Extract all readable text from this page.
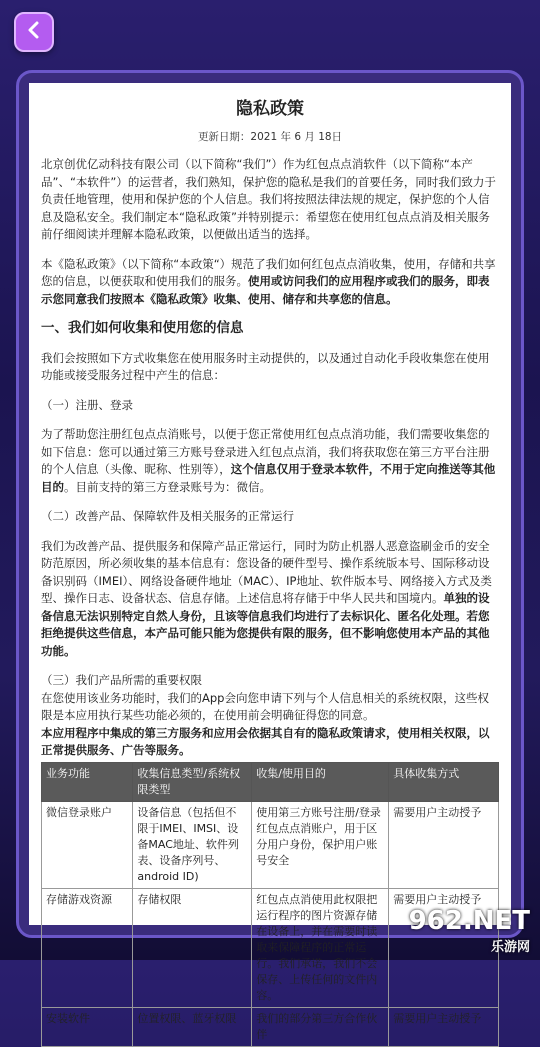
隐私政策
更新日期：2021 年 6 月 18日

北京创优亿动科技有限公司（以下简称“我们”）作为红包点点消软件（以下简称“本产品”、“本软件”）的运营者，我们熟知，保护您的隐私是我们的首要任务，同时我们致力于负责任地管理，使用和保护您的个人信息。我们将按照法律法规的规定，保护您的个人信息及隐私安全。我们制定本“隐私政策”并特别提示：希望您在使用红包点点消及相关服务前仔细阅读并理解本隐私政策，以便做出适当的选择。

本《隐私政策》（以下简称“本政策“）规范了我们如何红包点点消收集，使用，存储和共享您的信息，以便获取和使用我们的服务。使用或访问我们的应用程序或我们的服务，即表示您同意我们按照本《隐私政策》收集、使用、储存和共享您的信息。

一、我们如何收集和使用您的信息

我们会按照如下方式收集您在使用服务时主动提供的，以及通过自动化手段收集您在使用功能或接受服务过程中产生的信息：

（一）注册、登录

为了帮助您注册红包点点消账号，以便于您正常使用红包点点消功能，我们需要收集您的如下信息：您可以通过第三方账号登录进入红包点点消，我们将获取您在第三方平台注册的个人信息（头像、昵称、性别等），这个信息仅用于登录本软件，不用于定向推送等其他目的。目前支持的第三方登录账号为：微信。

（二）改善产品、保障软件及相关服务的正常运行

我们为改善产品、提供服务和保障产品正常运行，同时为防止机器人恶意盗刷金币的安全防范原因，所必须收集的基本信息有：您设备的硬件型号、操作系统版本号、国际移动设备识别码（IMEI）、网络设备硬件地址（MAC）、IP地址、软件版本号、网络接入方式及类型、操作日志、设备状态、信息存储。上述信息将存储于中华人民共和国境内。单独的设备信息无法识别特定自然人身份，且该等信息我们均进行了去标识化、匿名化处理。若您拒绝提供这些信息，本产品可能只能为您提供有限的服务，但不影响您使用本产品的其他功能。

（三）我们产品所需的重要权限

在您使用该业务功能时，我们的App会向您申请下列与个人信息相关的系统权限，这些权限是本应用执行某些功能必须的，在使用前会明确征得您的同意。

本应用程序中集成的第三方服务和应用会依据其自有的隐私政策请求，使用相关权限，以正常提供服务、广告等服务。

业务功能	收集信息类型/系统权限类型	收集/使用目的	具体收集方式
微信登录账户	设备信息（包括但不限于IMEI、IMSI、设备MAC地址、软件列表、设备序列号、android ID)	使用第三方账号注册/登录红包点点消账户，用于区分用户身份，保护用户账号安全	需要用户主动授予
存储游戏资源	存储权限	红包点点消使用此权限把运行程序的图片资源存储在设备上，并在需要时读取来保障程序的正常运行。我们承诺，我们不会保存、上传任何的文件内容。	需要用户主动授予
安装软件	位置权限、蓝牙权限	我们的部分第三方合作伙伴	需要用户主动授予
962.NET
乐游网
